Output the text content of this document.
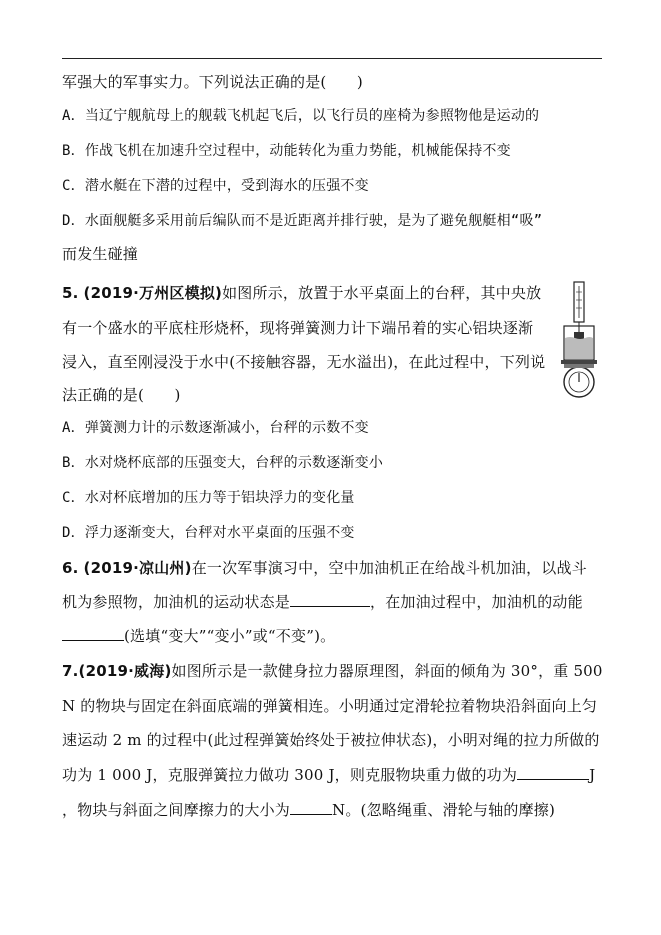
军强大的军事实力。下列说法正确的是(　　)
A．当辽宁舰航母上的舰载飞机起飞后，以飞行员的座椅为参照物他是运动的
B．作战飞机在加速升空过程中，动能转化为重力势能，机械能保持不变
C．潜水艇在下潜的过程中，受到海水的压强不变
D．水面舰艇多采用前后编队而不是近距离并排行驶，是为了避免舰艇相“吸”
而发生碰撞
5. (2019·万州区模拟)如图所示，放置于水平桌面上的台秤，其中央放
有一个盛水的平底柱形烧杯，现将弹簧测力计下端吊着的实心铝块逐渐
浸入，直至刚浸没于水中(不接触容器，无水溢出)，在此过程中，下列说
法正确的是(　　)
A．弹簧测力计的示数逐渐减小，台秤的示数不变
B．水对烧杯底部的压强变大，台秤的示数逐渐变小
C．水对杯底增加的压力等于铝块浮力的变化量
D．浮力逐渐变大，台秤对水平桌面的压强不变
6. (2019·凉山州)在一次军事演习中，空中加油机正在给战斗机加油，以战斗
机为参照物，加油机的运动状态是	，在加油过程中，加油机的动能
(选填“变大”“变小”或“不变”)。
7.(2019·威海)如图所示是一款健身拉力器原理图，斜面的倾角为 30°，重 500
N 的物块与固定在斜面底端的弹簧相连。小明通过定滑轮拉着物块沿斜面向上匀
速运动 2 m 的过程中(此过程弹簧始终处于被拉伸状态)，小明对绳的拉力所做的
功为 1 000 J，克服弹簧拉力做功 300 J，则克服物块重力做的功为	J
，物块与斜面之间摩擦力的大小为	N。(忽略绳重、滑轮与轴的摩擦)
